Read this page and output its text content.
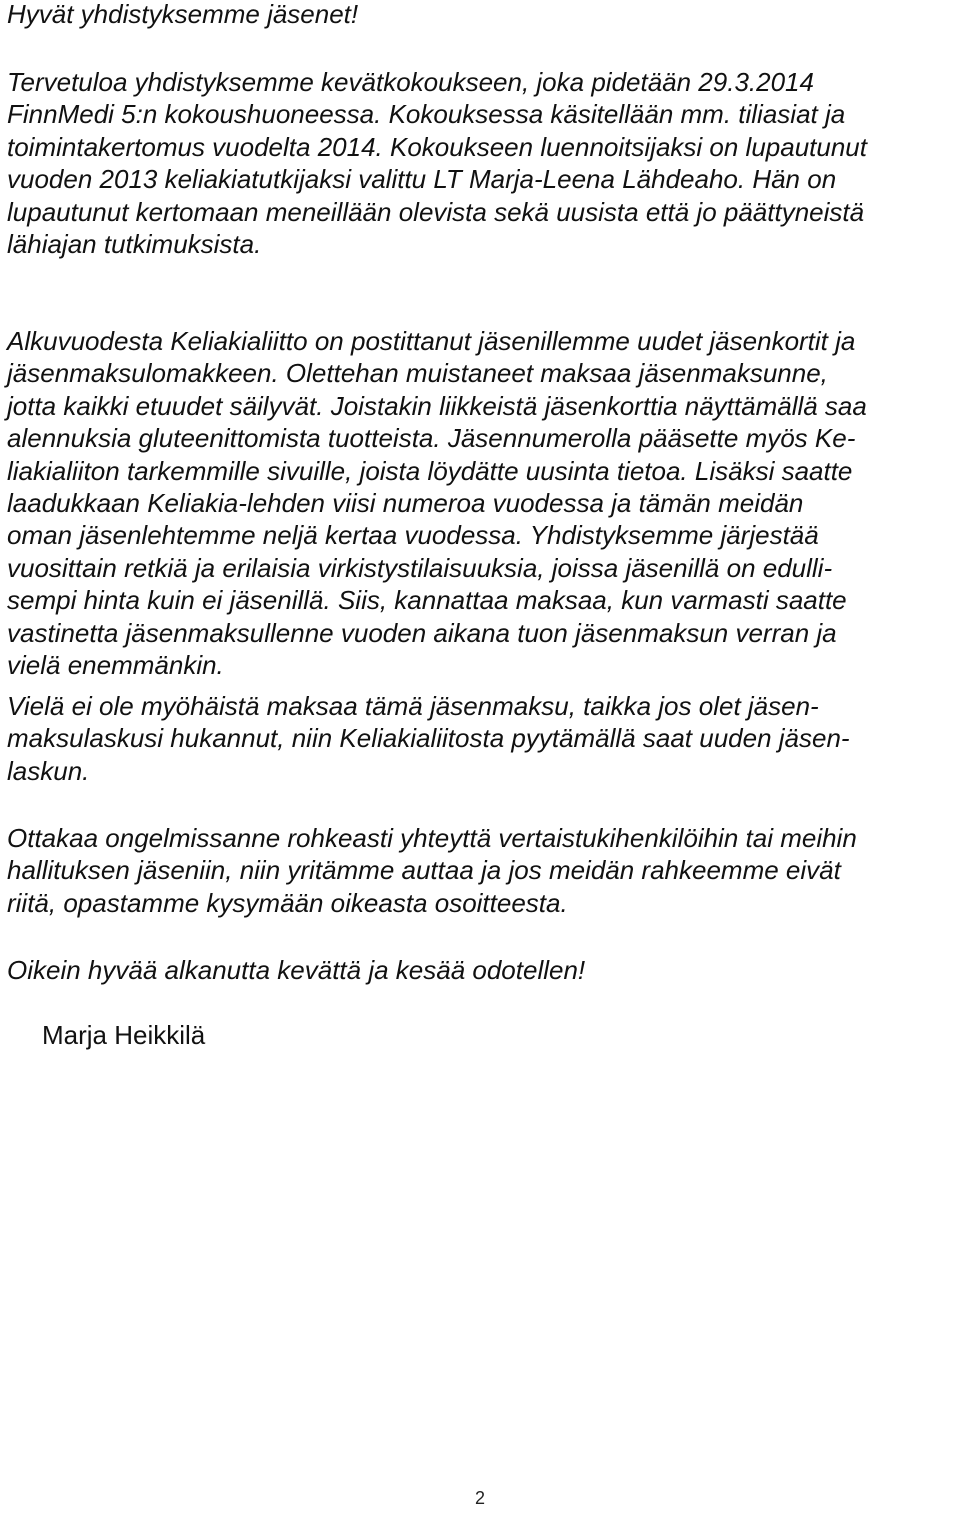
Hyvät yhdistyksemme jäsenet!

Tervetuloa yhdistyksemme kevätkokoukseen, joka pidetään 29.3.2014
FinnMedi 5:n kokoushuoneessa. Kokouksessa käsitellään mm. tiliasiat ja
toimintakertomus vuodelta 2014. Kokoukseen luennoitsijaksi on lupautunut
vuoden 2013 keliakiatutkijaksi valittu LT Marja-Leena Lähdeaho. Hän on
lupautunut kertomaan meneillään olevista sekä uusista että jo päättyneistä
lähiajan tutkimuksista.

Alkuvuodesta Keliakialiitto on postittanut jäsenillemme uudet jäsenkortit ja
jäsenmaksulomakkeen. Olettehan muistaneet maksaa jäsenmaksunne,
jotta kaikki etuudet säilyvät. Joistakin liikkeistä jäsenkorttia näyttämällä saa
alennuksia gluteenittomista tuotteista. Jäsennumerolla pääsette myös Ke-
liakialiiton tarkemmille sivuille, joista löydätte uusinta tietoa. Lisäksi saatte
laadukkaan Keliakia-lehden viisi numeroa vuodessa ja tämän meidän
oman jäsenlehtemme neljä kertaa vuodessa. Yhdistyksemme järjestää
vuosittain retkiä ja erilaisia virkistystilaisuuksia, joissa jäsenillä on edulli-
sempi hinta kuin ei jäsenillä. Siis, kannattaa maksaa, kun varmasti saatte
vastinetta jäsenmaksullenne vuoden aikana tuon jäsenmaksun verran ja
vielä enemmänkin.

Vielä ei ole myöhäistä maksaa tämä jäsenmaksu, taikka jos olet jäsen-
maksulaskusi hukannut, niin Keliakialiitosta pyytämällä saat uuden jäsen-
laskun.

Ottakaa ongelmissanne rohkeasti yhteyttä vertaistukihenkilöihin tai meihin
hallituksen jäseniin, niin yritämme auttaa ja jos meidän rahkeemme eivät
riitä, opastamme kysymään oikeasta osoitteesta.

Oikein hyvää alkanutta kevättä ja kesää odotellen!

Marja Heikkilä

2
